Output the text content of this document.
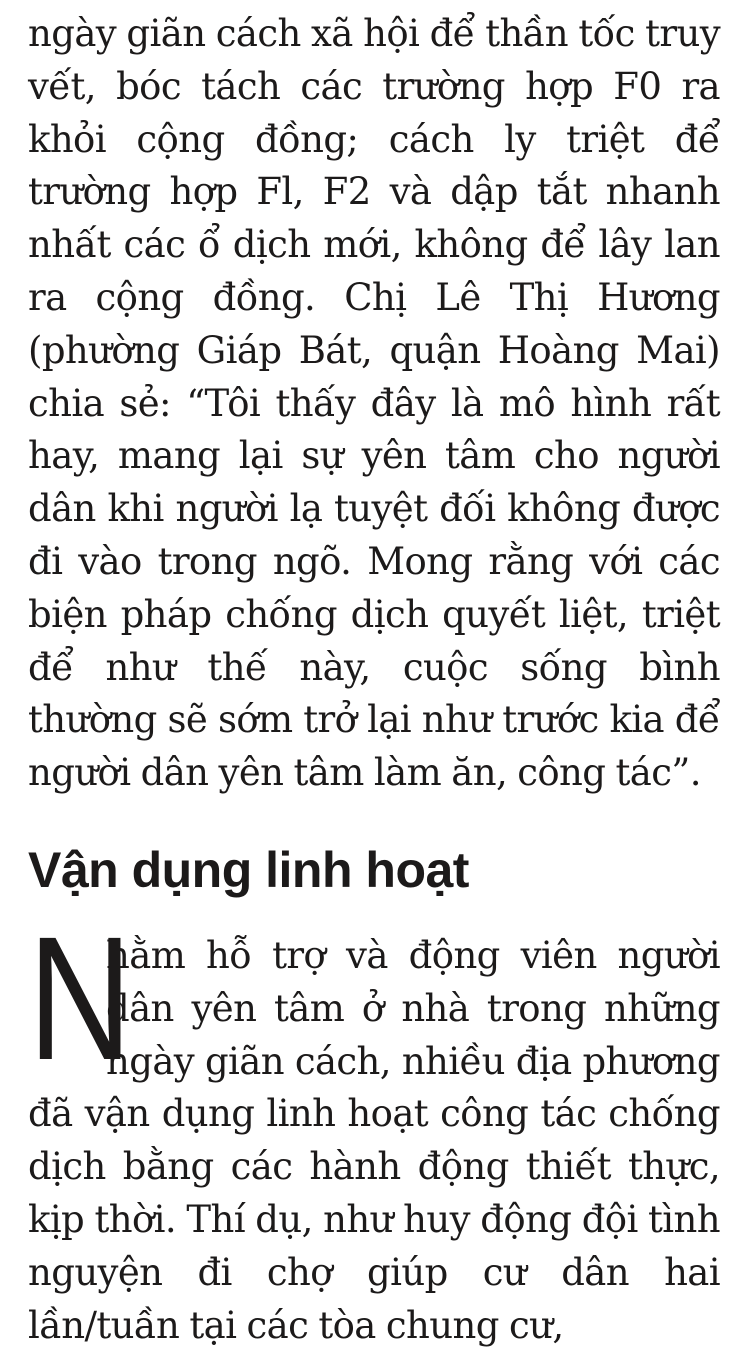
ngày giãn cách xã hội để thần tốc truy vết, bóc tách các trường hợp F0 ra khỏi cộng đồng; cách ly triệt để trường hợp Fl, F2 và dập tắt nhanh nhất các ổ dịch mới, không để lây lan ra cộng đồng. Chị Lê Thị Hương (phường Giáp Bát, quận Hoàng Mai) chia sẻ: “Tôi thấy đây là mô hình rất hay, mang lại sự yên tâm cho người dân khi người lạ tuyệt đối không được đi vào trong ngõ. Mong rằng với các biện pháp chống dịch quyết liệt, triệt để như thế này, cuộc sống bình thường sẽ sớm trở lại như trước kia để người dân yên tâm làm ăn, công tác”.

Vận dụng linh hoạt
N

hằm hỗ trợ và động viên người dân yên tâm ở nhà trong những ngày giãn cách, nhiều địa phương đã vận dụng linh hoạt công tác chống dịch bằng các hành động thiết thực, kịp thời. Thí dụ, như huy động đội tình nguyện đi chợ giúp cư dân hai lần/tuần tại các tòa chung cư,
